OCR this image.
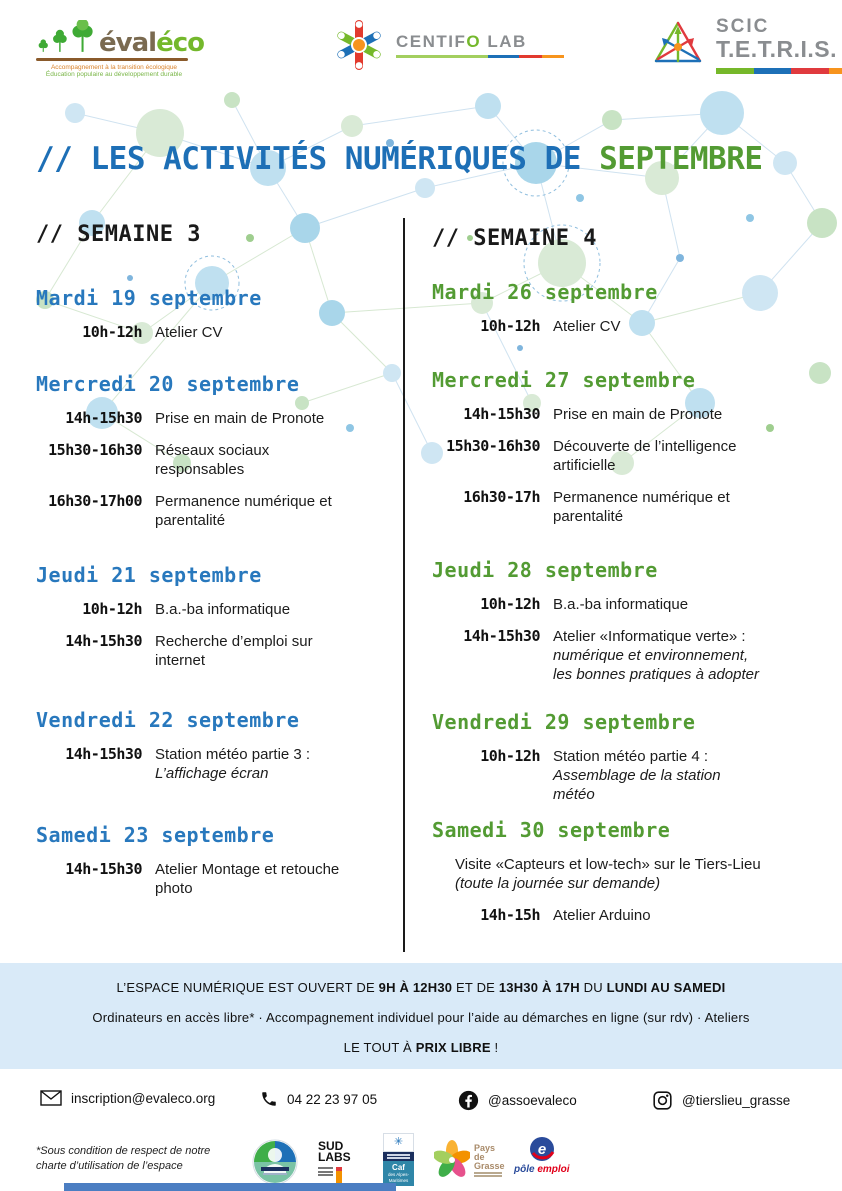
évaléco
Accompagnement à la transition écologique
Éducation populaire au développement durable
CENTIFO LAB
SCIC
T.E.T.R.I.S.
// LES ACTIVITÉS NUMÉRIQUES DE SEPTEMBRE
// SEMAINE 3
Mardi 19 septembre
10h-12h Atelier CV
Mercredi 20 septembre
14h-15h30 Prise en main de Pronote
15h30-16h30 Réseaux sociaux
responsables
16h30-17h00 Permanence numérique et
parentalité
Jeudi 21 septembre
10h-12h B.a.-ba informatique
14h-15h30 Recherche d’emploi sur
internet
Vendredi 22 septembre
14h-15h30 Station météo partie 3 :
L’affichage écran
Samedi 23 septembre
14h-15h30 Atelier Montage et retouche
photo
// SEMAINE 4
Mardi 26 septembre
10h-12h Atelier CV
Mercredi 27 septembre
14h-15h30 Prise en main de Pronote
15h30-16h30 Découverte de l’intelligence
artificielle
16h30-17h Permanence numérique et
parentalité
Jeudi 28 septembre
10h-12h B.a.-ba informatique
14h-15h30 Atelier «Informatique verte» :
numérique et environnement,
les bonnes pratiques à adopter
Vendredi 29 septembre
10h-12h Station météo partie 4 :
Assemblage de la station
météo
Samedi 30 septembre
Visite «Capteurs et low-tech» sur le Tiers-Lieu
(toute la journée sur demande)
14h-15h Atelier Arduino

L’ESPACE NUMÉRIQUE EST OUVERT DE 9H À 12H30 ET DE 13H30 À 17H DU LUNDI AU SAMEDI

Ordinateurs en accès libre* · Accompagnement individuel pour l’aide au démarches en ligne (sur rdv) · Ateliers

LE TOUT À PRIX LIBRE !

inscription@evaleco.org	04 22 23 97 05	@assoevaleco	@tierslieu_grasse
*Sous condition de respect de notre charte d’utilisation de l’espace
SUD
LABS
✳
Caf
des Alpes-
Maritimes
Pays
de
Grasse
e
pôle emploi
